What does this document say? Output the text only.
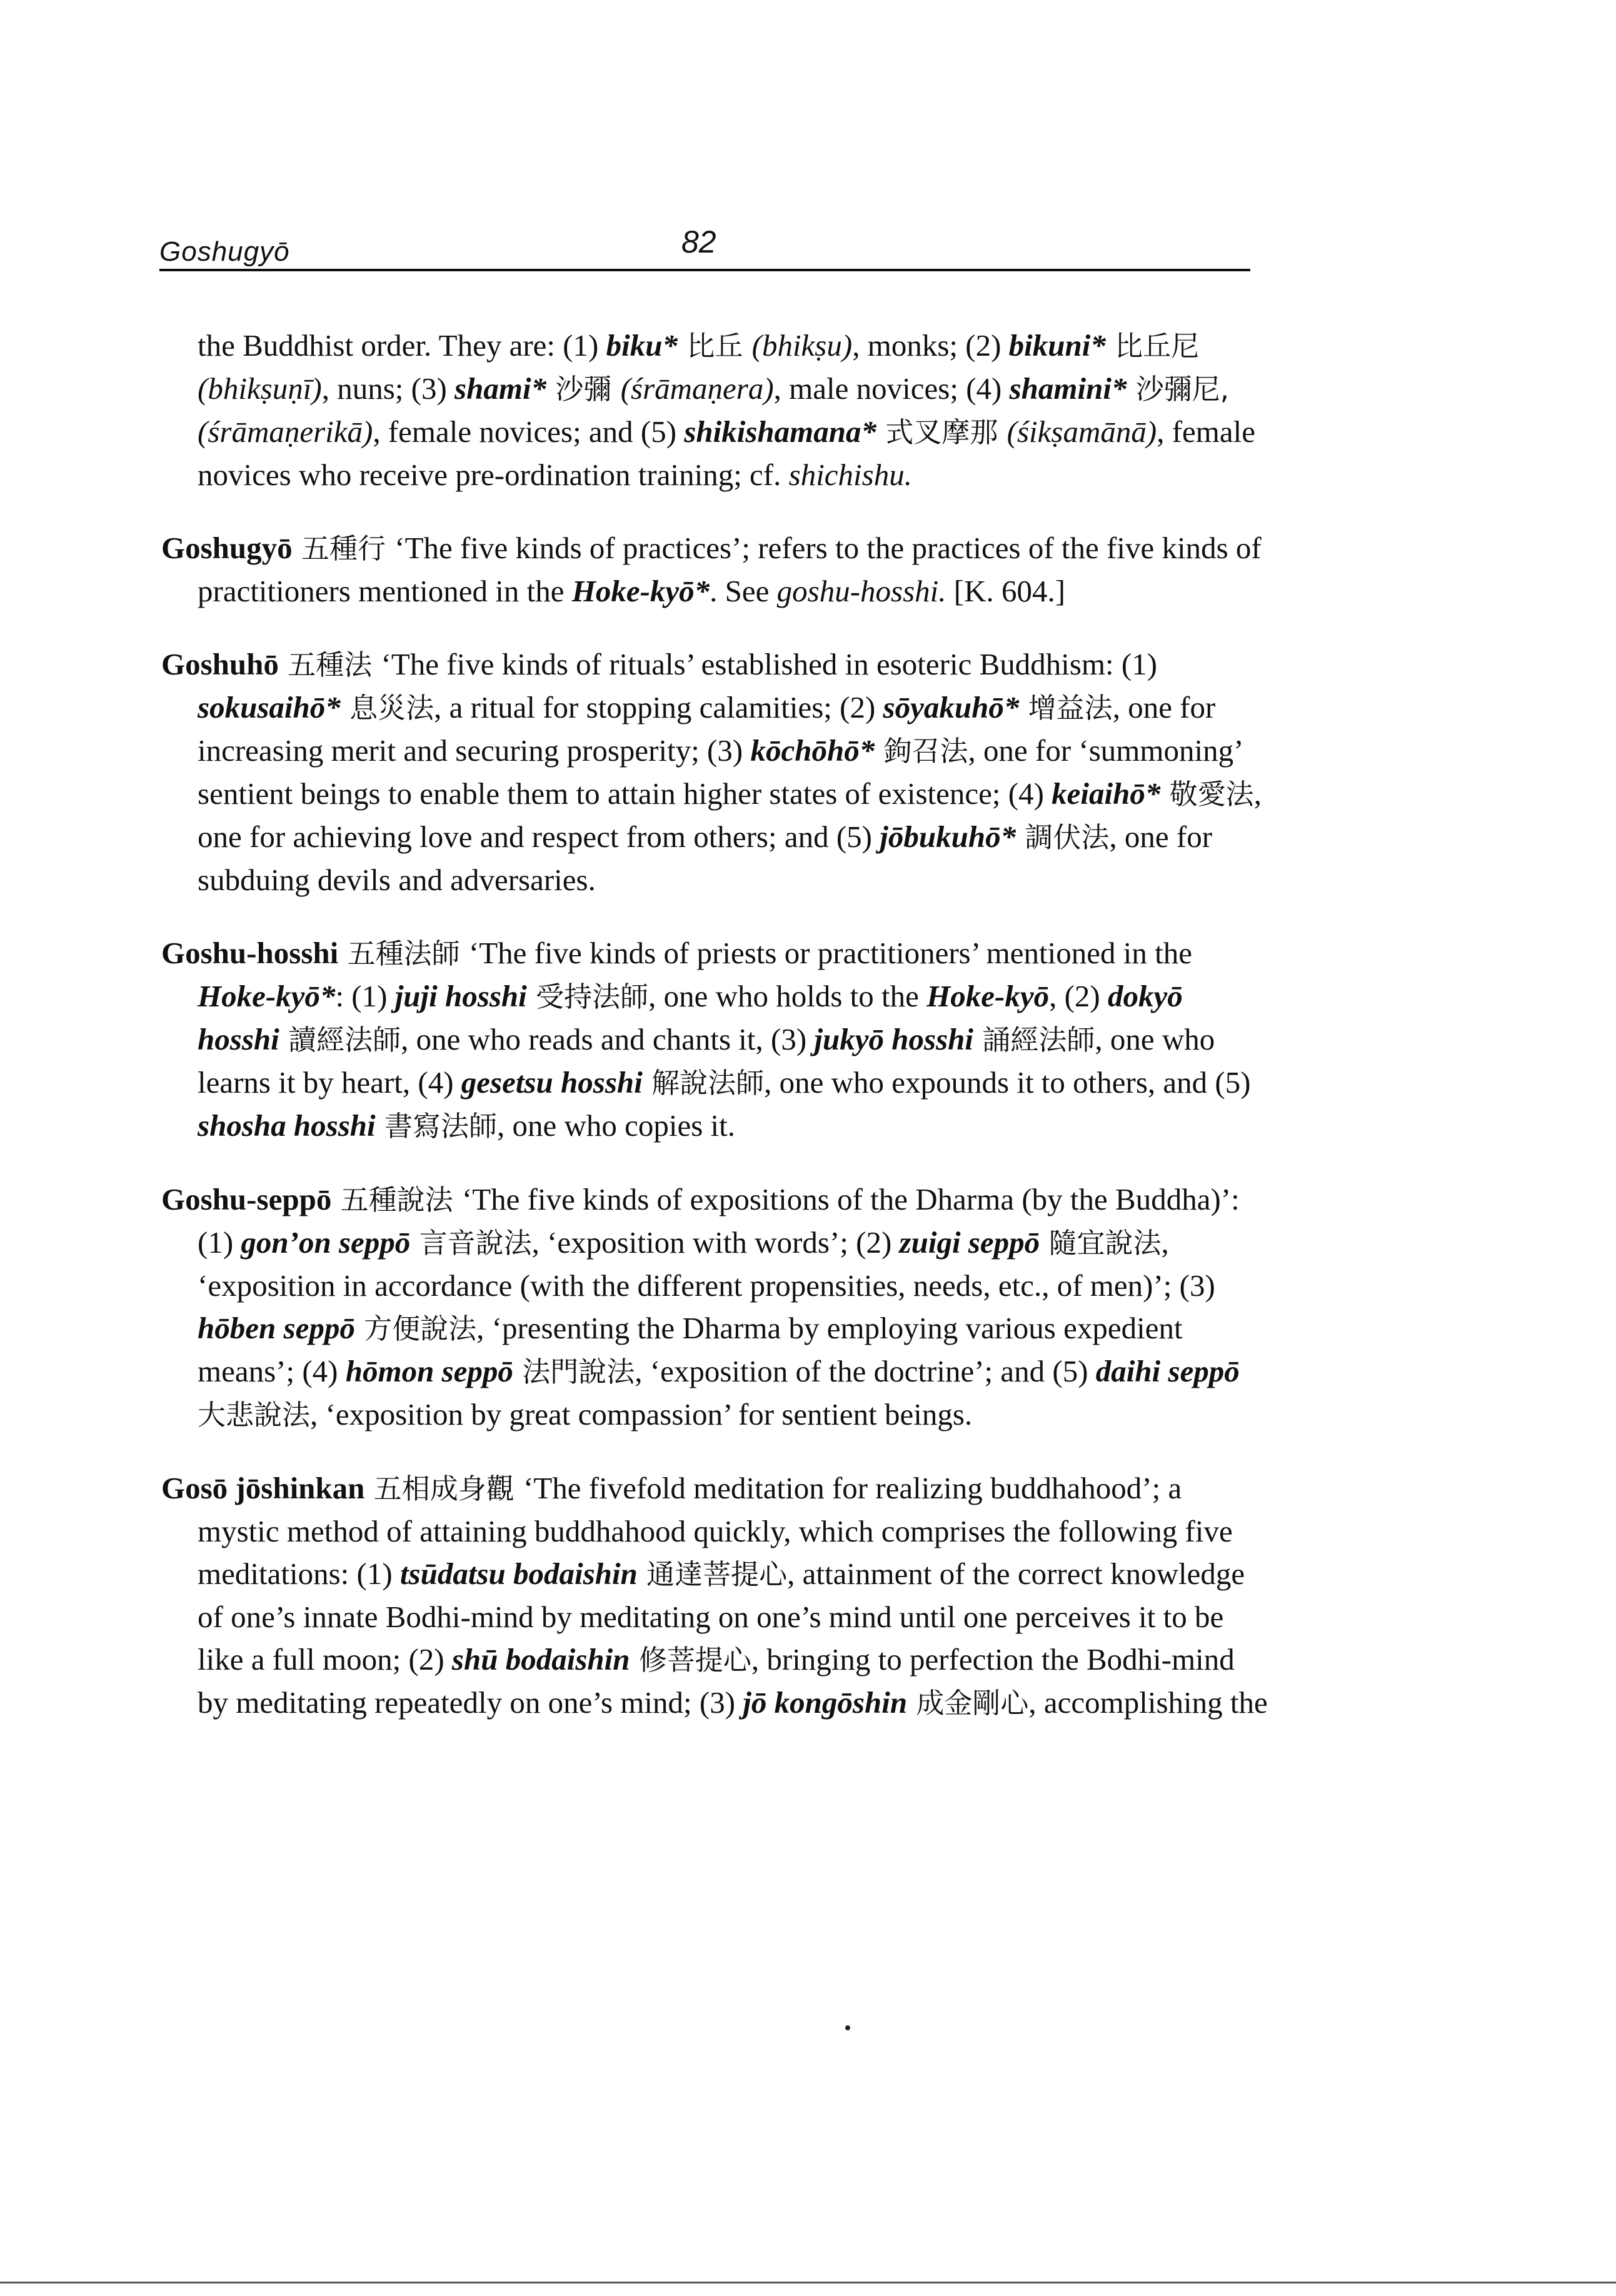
Goshugyō	82

the Buddhist order. They are: (1) biku* 比丘 (bhikṣu), monks; (2) bikuni* 比丘尼 (bhikṣuṇī), nuns; (3) shami* 沙彌 (śrāmaṇera), male novices; (4) shamini* 沙彌尼, (śrāmaṇerikā), female novices; and (5) shikishamana* 式叉摩那 (śikṣamānā), female novices who receive pre-ordination training; cf. shichishu.

Goshugyō 五種行 ‘The five kinds of practices’; refers to the practices of the five kinds of practitioners mentioned in the Hoke-kyō*. See goshu-hosshi. [K. 604.]

Goshuhō 五種法 ‘The five kinds of rituals’ established in esoteric Buddhism: (1) sokusaihō* 息災法, a ritual for stopping calamities; (2) sōyakuhō* 增益法, one for increasing merit and securing prosperity; (3) kōchōhō* 鉤召法, one for ‘summoning’ sentient beings to enable them to attain higher states of existence; (4) keiaihō* 敬愛法, one for achieving love and respect from others; and (5) jōbukuhō* 調伏法, one for subduing devils and adversaries.

Goshu-hosshi 五種法師 ‘The five kinds of priests or practitioners’ mentioned in the Hoke-kyō*: (1) juji hosshi 受持法師, one who holds to the Hoke-kyō, (2) dokyō hosshi 讀經法師, one who reads and chants it, (3) jukyō hosshi 誦經法師, one who learns it by heart, (4) gesetsu hosshi 解說法師, one who expounds it to others, and (5) shosha hosshi 書寫法師, one who copies it.

Goshu-seppō 五種說法 ‘The five kinds of expositions of the Dharma (by the Buddha)’: (1) gon’on seppō 言音說法, ‘exposition with words’; (2) zuigi seppō 隨宜說法, ‘exposition in accordance (with the different propensities, needs, etc., of men)’; (3) hōben seppō 方便說法, ‘presenting the Dharma by employing various expedient means’; (4) hōmon seppō 法門說法, ‘exposition of the doctrine’; and (5) daihi seppō 大悲說法, ‘exposition by great compassion’ for sentient beings.

Gosō jōshinkan 五相成身觀 ‘The fivefold meditation for realizing buddhahood’; a mystic method of attaining buddhahood quickly, which comprises the following five meditations: (1) tsūdatsu bodaishin 通達菩提心, attainment of the correct knowledge of one’s innate Bodhi-mind by meditating on one’s mind until one perceives it to be like a full moon; (2) shū bodaishin 修菩提心, bringing to perfection the Bodhi-mind by meditating repeatedly on one’s mind; (3) jō kongōshin 成金剛心, accomplishing the
